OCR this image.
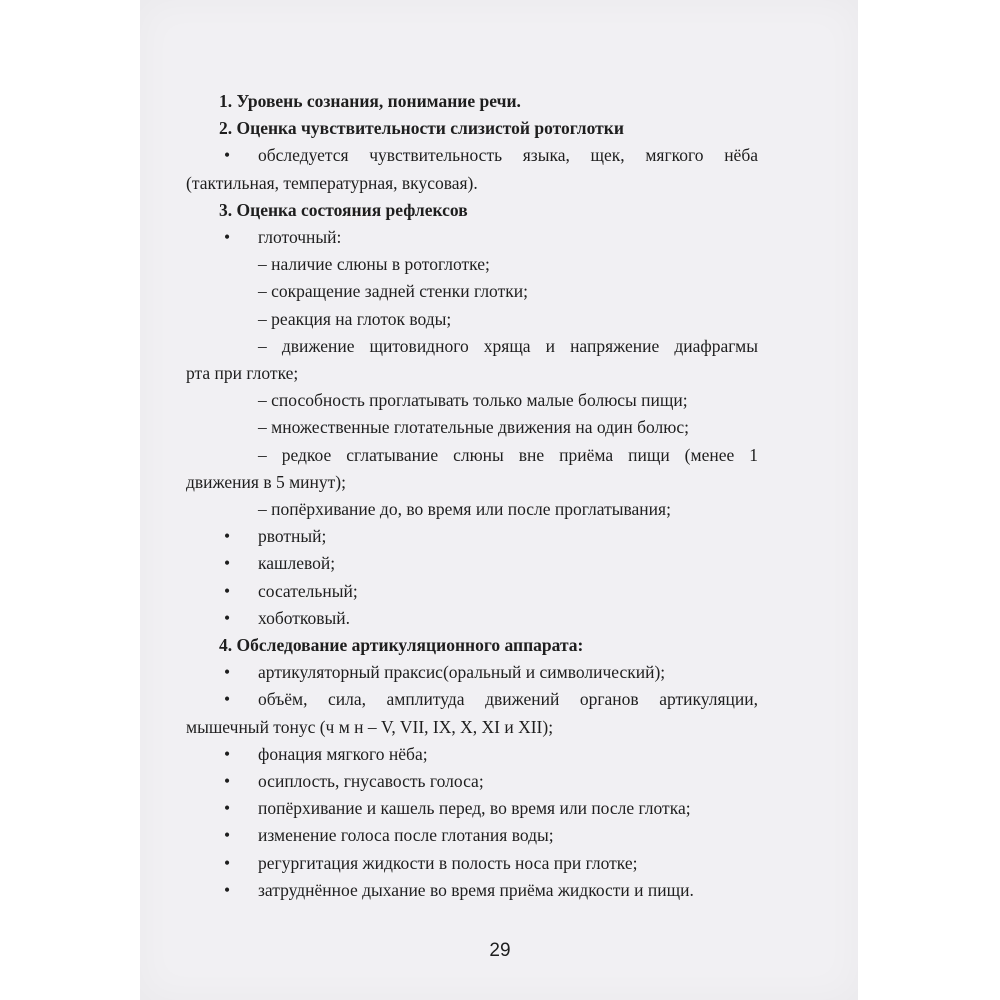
1. Уровень сознания, понимание речи.
2. Оценка чувствительности слизистой ротоглотки
• обследуется чувствительность языка, щек, мягкого нёба
(тактильная, температурная, вкусовая).
3. Оценка состояния рефлексов
• глоточный:
– наличие слюны в ротоглотке;
– сокращение задней стенки глотки;
– реакция на глоток воды;
– движение щитовидного хряща и напряжение диафрагмы
рта при глотке;
– способность проглатывать только малые болюсы пищи;
– множественные глотательные движения на один болюс;
– редкое сглатывание слюны вне приёма пищи (менее 1
движения в 5 минут);
– попёрхивание до, во время или после проглатывания;
• рвотный;
• кашлевой;
• сосательный;
• хоботковый.
4. Обследование артикуляционного аппарата:
• артикуляторный праксис(оральный и символический);
• объём, сила, амплитуда движений органов артикуляции,
мышечный тонус (ч м н – V, VII, IX, X, XI и XII);
• фонация мягкого нёба;
• осиплость, гнусавость голоса;
• попёрхивание и кашель перед, во время или после глотка;
• изменение голоса после глотания воды;
• регургитация жидкости в полость носа при глотке;
• затруднённое дыхание во время приёма жидкости и пищи.
29
